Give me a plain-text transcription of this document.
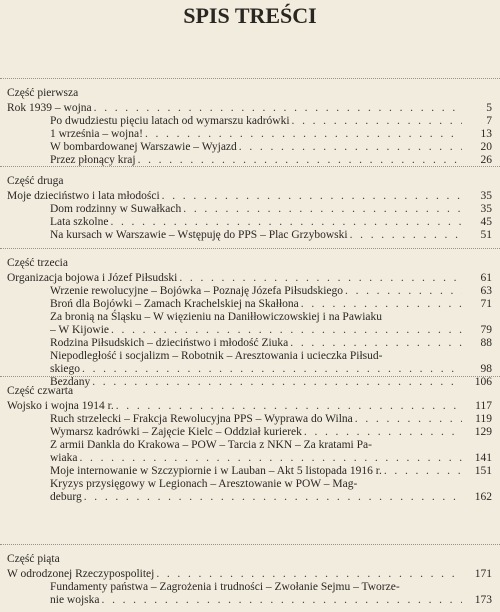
SPIS TREŚCI
Część pierwsza
Rok 1939 – wojna . . .	5
Po dwudziestu pięciu latach od wymarszu kadrówki . . .	7
1 września – wojna! . . .	13
W bombardowanej Warszawie – Wyjazd . . .	20
Przez płonący kraj . . .	26
Część druga
Moje dzieciństwo i lata młodości . . .	35
Dom rodzinny w Suwałkach . . .	35
Lata szkolne . . .	45
Na kursach w Warszawie – Wstępuję do PPS – Plac Grzybowski . . .	51
Część trzecia
Organizacja bojowa i Józef Piłsudski . . .	61
Wrzenie rewolucyjne – Bojówka – Poznaję Józefa Piłsudskiego . . .	63
Broń dla Bojówki – Zamach Krachelskiej na Skałłona . . .	71
Za bronią na Śląsku – W więzieniu na Daniłłowiczowskiej i na Pawiaku
– W Kijowie . . .	79
Rodzina Piłsudskich – dzieciństwo i młodość Ziuka . . .	88
Niepodległość i socjalizm – Robotnik – Aresztowania i ucieczka Piłsud-
skiego . . .	98
Bezdany . . .	106
Część czwarta
Wojsko i wojna 1914 r. . . .	117
Ruch strzelecki – Frakcja Rewolucyjna PPS – Wyprawa do Wilna . . .	119
Wymarsz kadrówki – Zajęcie Kielc – Oddział kurierek . . .	129
Z armii Dankla do Krakowa – POW – Tarcia z NKN – Za kratami Pa-
wiaka . . .	141
Moje internowanie w Szczypiornie i w Lauban – Akt 5 listopada 1916 r. . . .	151
Kryzys przysięgowy w Legionach – Aresztowanie w POW – Mag-
deburg . . .	162
Część piąta
W odrodzonej Rzeczypospolitej . . .	171
Fundamenty państwa – Zagrożenia i trudności – Zwołanie Sejmu – Tworze-
nie wojska . . .	173
